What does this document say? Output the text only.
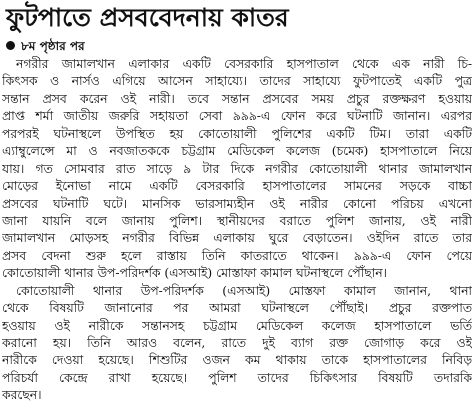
ফুটপাতে প্রসববেদনায় কাতর
৮ম পৃষ্ঠার পর
নগরীর জামালখান এলাকার একটি বেসরকারি হাসপাতাল থেকে এক নারী চি-
কিৎসক ও নার্সও এগিয়ে আসেন সাহায্যে। তাদের সাহায্যে ফুটপাতেই একটি পুত্র
সন্তান প্রসব করেন ওই নারী। তবে সন্তান প্রসবের সময় প্রচুর রক্তক্ষরণ হওয়ায়
প্রাপ্ত শর্মা জাতীয় জরুরি সহায়তা সেবা ৯৯৯-এ ফোন করে ঘটনাটি জানান। এরপর
পরপরই ঘটনাস্থলে উপস্থিত হয় কোতোয়ালী পুলিশের একটি টিম। তারা একটি
এ্যাম্বুলেন্সে মা ও নবজাতককে চট্টগ্রাম মেডিকেল কলেজ (চমেক) হাসপাতালে নিয়ে
যায়। গত সোমবার রাত সাড়ে ৯ টার দিকে নগরীর কোতোয়ালী থানার জামালখান
মোড়ের ইনোভা নামে একটি বেসরকারি হাসপাতালের সামনের সড়কে বাচ্চা
প্রসবের ঘটনাটি ঘটে। মানসিক ভারসাম্যহীন ওই নারীর কোনো পরিচয় এখনো
জানা যায়নি বলে জানায় পুলিশ। স্থানীয়দের বরাতে পুলিশ জানায়, ওই নারী
জামালখান মোড়সহ নগরীর বিভিন্ন এলাকায় ঘুরে বেড়াতেন। ওইদিন রাতে তার
প্রসব বেদনা শুরু হলে রাস্তায় তিনি কাতরাতে থাকেন। ৯৯৯-এ ফোন পেয়ে
কোতোয়ালী থানার উপ-পরিদর্শক (এসআই) মোস্তাফা কামাল ঘটনাস্থলে পৌঁছান।
কোতোয়ালী থানার উপ-পরিদর্শক (এসআই) মোস্তফা কামাল জানান, থানা
থেকে বিষয়টি জানানোর পর আমরা ঘটনাস্থলে পৌঁছাই। প্রচুর রক্তপাত
হওয়ায় ওই নারীকে সন্তানসহ চট্টগ্রাম মেডিকেল কলেজ হাসপাতালে ভর্তি
করানো হয়। তিনি আরও বলেন, রাতে দুই ব্যাগ রক্ত জোগাড় করে ওই
নারীকে দেওয়া হয়েছে। শিশুটির ওজন কম থাকায় তাকে হাসপাতালের নিবিড়
পরিচর্যা কেন্দ্রে রাখা হয়েছে। পুলিশ তাদের চিকিৎসার বিষয়টি তদারকি
করছেন।
